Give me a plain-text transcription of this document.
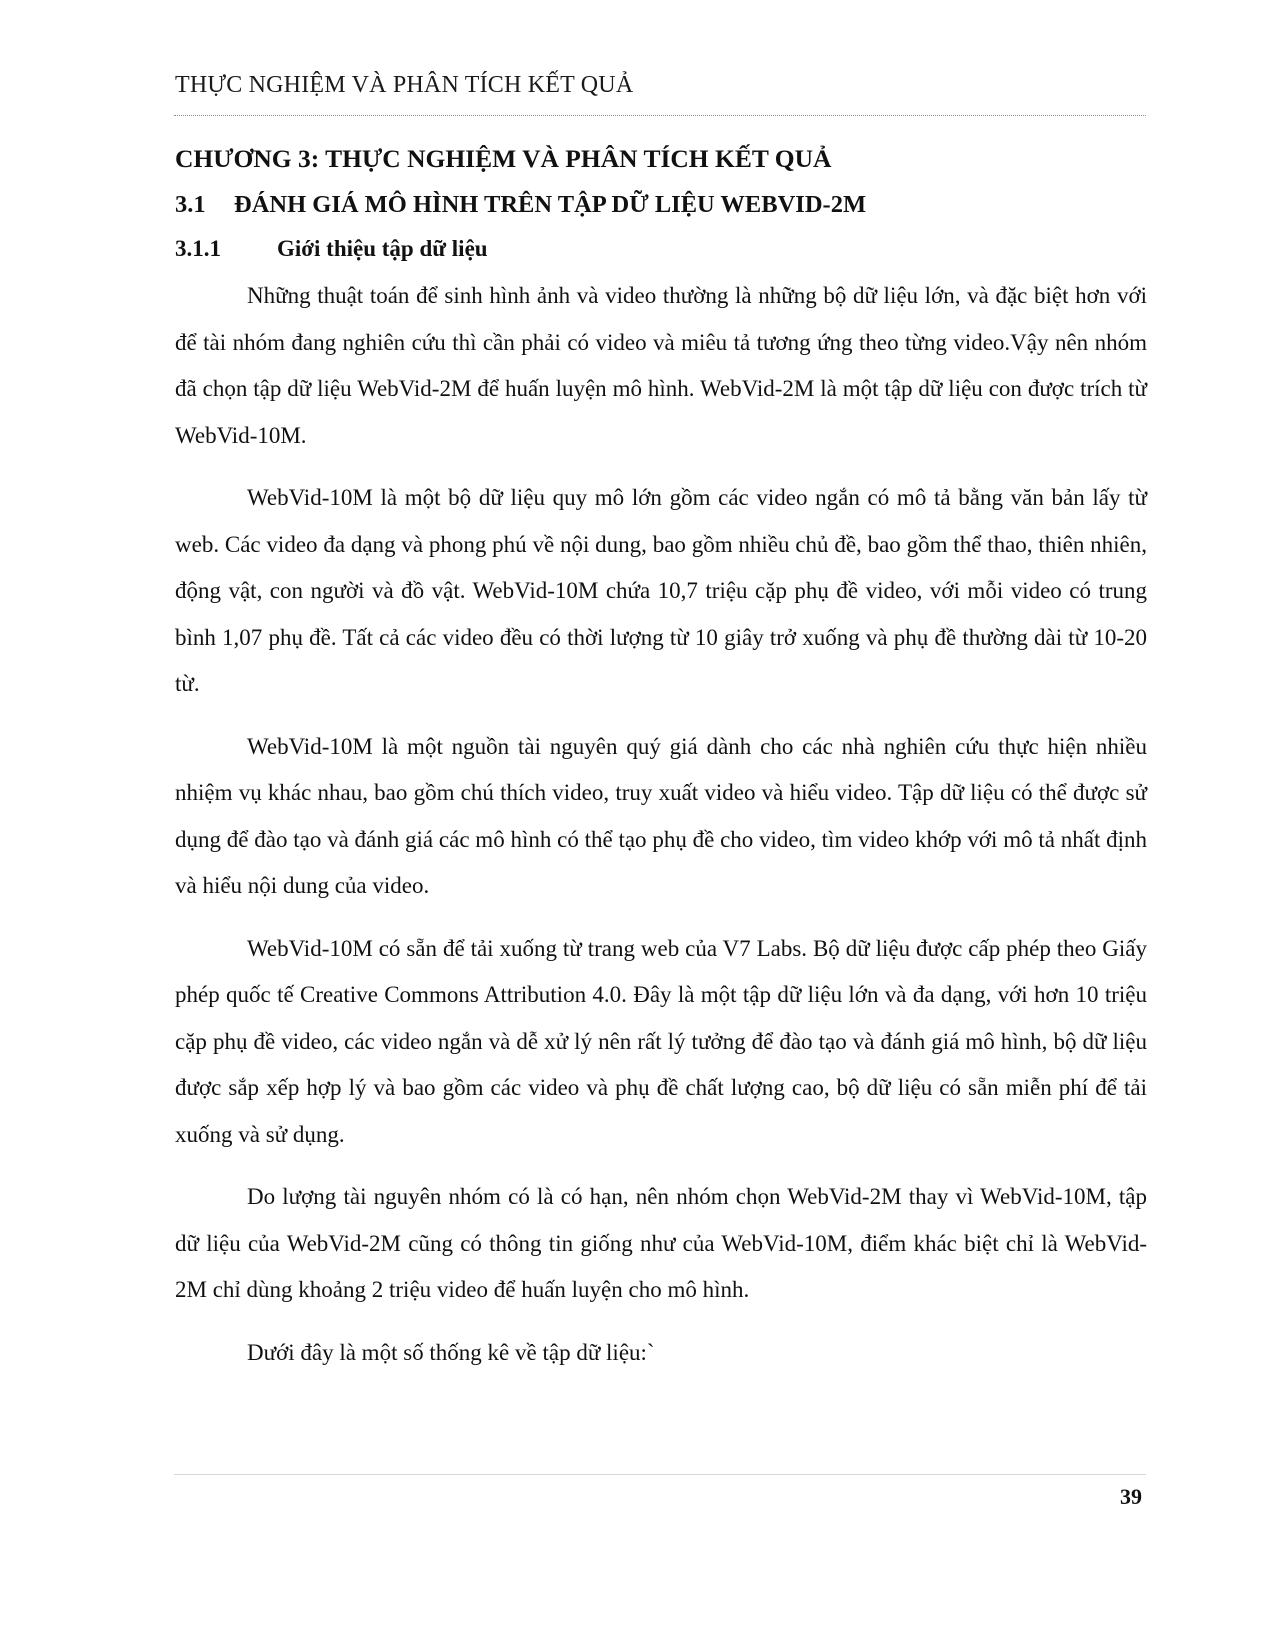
THỰC NGHIỆM VÀ PHÂN TÍCH KẾT QUẢ
CHƯƠNG 3: THỰC NGHIỆM VÀ PHÂN TÍCH KẾT QUẢ
3.1 ĐÁNH GIÁ MÔ HÌNH TRÊN TẬP DỮ LIỆU WEBVID-2M
3.1.1 Giới thiệu tập dữ liệu

Những thuật toán để sinh hình ảnh và video thường là những bộ dữ liệu lớn, và đặc biệt hơn với để tài nhóm đang nghiên cứu thì cần phải có video và miêu tả tương ứng theo từng video.Vậy nên nhóm đã chọn tập dữ liệu WebVid-2M để huấn luyện mô hình. WebVid-2M là một tập dữ liệu con được trích từ WebVid-10M.

WebVid-10M là một bộ dữ liệu quy mô lớn gồm các video ngắn có mô tả bằng văn bản lấy từ web. Các video đa dạng và phong phú về nội dung, bao gồm nhiều chủ đề, bao gồm thể thao, thiên nhiên, động vật, con người và đồ vật. WebVid-10M chứa 10,7 triệu cặp phụ đề video, với mỗi video có trung bình 1,07 phụ đề. Tất cả các video đều có thời lượng từ 10 giây trở xuống và phụ đề thường dài từ 10-20 từ.

WebVid-10M là một nguồn tài nguyên quý giá dành cho các nhà nghiên cứu thực hiện nhiều nhiệm vụ khác nhau, bao gồm chú thích video, truy xuất video và hiểu video. Tập dữ liệu có thể được sử dụng để đào tạo và đánh giá các mô hình có thể tạo phụ đề cho video, tìm video khớp với mô tả nhất định và hiểu nội dung của video.

WebVid-10M có sẵn để tải xuống từ trang web của V7 Labs. Bộ dữ liệu được cấp phép theo Giấy phép quốc tế Creative Commons Attribution 4.0. Đây là một tập dữ liệu lớn và đa dạng, với hơn 10 triệu cặp phụ đề video, các video ngắn và dễ xử lý nên rất lý tưởng để đào tạo và đánh giá mô hình, bộ dữ liệu được sắp xếp hợp lý và bao gồm các video và phụ đề chất lượng cao, bộ dữ liệu có sẵn miễn phí để tải xuống và sử dụng.

Do lượng tài nguyên nhóm có là có hạn, nên nhóm chọn WebVid-2M thay vì WebVid-10M, tập dữ liệu của WebVid-2M cũng có thông tin giống như của WebVid-10M, điểm khác biệt chỉ là WebVid-2M chỉ dùng khoảng 2 triệu video để huấn luyện cho mô hình.

Dưới đây là một số thống kê về tập dữ liệu:`

39
